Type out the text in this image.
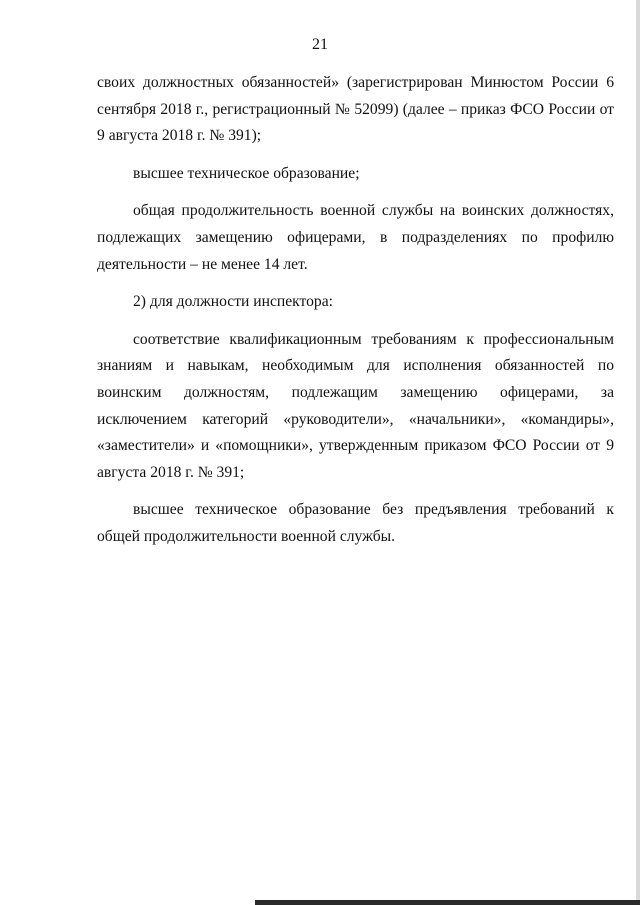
21

своих должностных обязанностей» (зарегистрирован Минюстом России 6 сентября 2018 г., регистрационный № 52099) (далее – приказ ФСО России от 9 августа 2018 г. № 391);

высшее техническое образование;

общая продолжительность военной службы на воинских должностях, подлежащих замещению офицерами, в подразделениях по профилю деятельности – не менее 14 лет.

2) для должности инспектора:

соответствие квалификационным требованиям к профессиональным знаниям и навыкам, необходимым для исполнения обязанностей по воинским должностям, подлежащим замещению офицерами, за исключением категорий «руководители», «начальники», «командиры», «заместители» и «помощники», утвержденным приказом ФСО России от 9 августа 2018 г. № 391;

высшее техническое образование без предъявления требований к общей продолжительности военной службы.
